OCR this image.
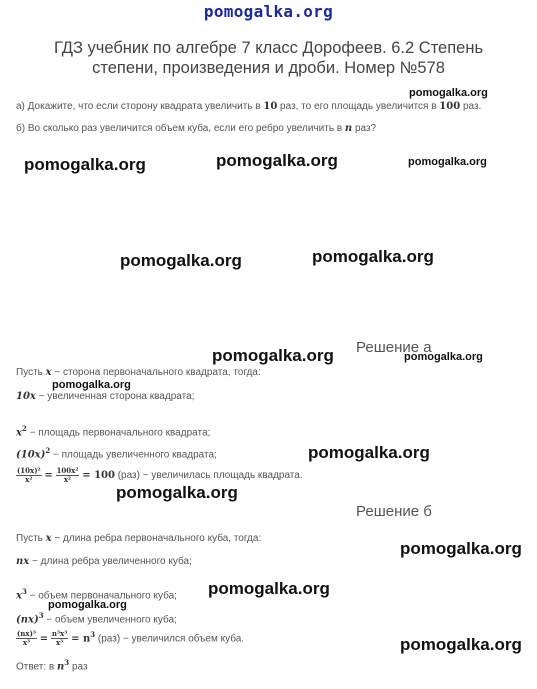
pomogalka.org
ГДЗ учебник по алгебре 7 класс Дорофеев. 6.2 Степень
степени, произведения и дроби. Номер №578
а) Докажите, что если сторону квадрата увеличить в 10 раз, то его площадь увеличится в 100 раз.
б) Во сколько раз увеличится объем куба, если его ребро увеличить в n раз?
pomogalka.org
pomogalka.org	pomogalka.org	pomogalka.org
pomogalka.org	pomogalka.org
pomogalka.org	pomogalka.org
pomogalka.org
pomogalka.org
pomogalka.org
pomogalka.org
pomogalka.org
pomogalka.org
pomogalka.org
Решение а
Пусть x − сторона первоначального квадрата, тогда:
10x − увеличенная сторона квадрата;
$x^2$ − площадь первоначального квадрата;
$(10x)^2$ − площадь увеличенного квадрата;
$\frac{\text{(10x)²}}{\text{x²}} = \frac{\text{100x²}}{\text{x²}} = 100$ (раз) − увеличилась площадь квадрата.
Решение б
Пусть x − длина ребра первоначального куба, тогда:
nx − длина ребра увеличенного куба;
$x^3$ − объем первоначального куба;
(nx)$^3$ − объем увеличенного куба;
$\frac{\text{(nx)³}}{\text{x³}} = \frac{\text{n³x³}}{\text{x³}} = n^3$ (раз) − увеличился объем куба.
Ответ: в $n^3$ раз
